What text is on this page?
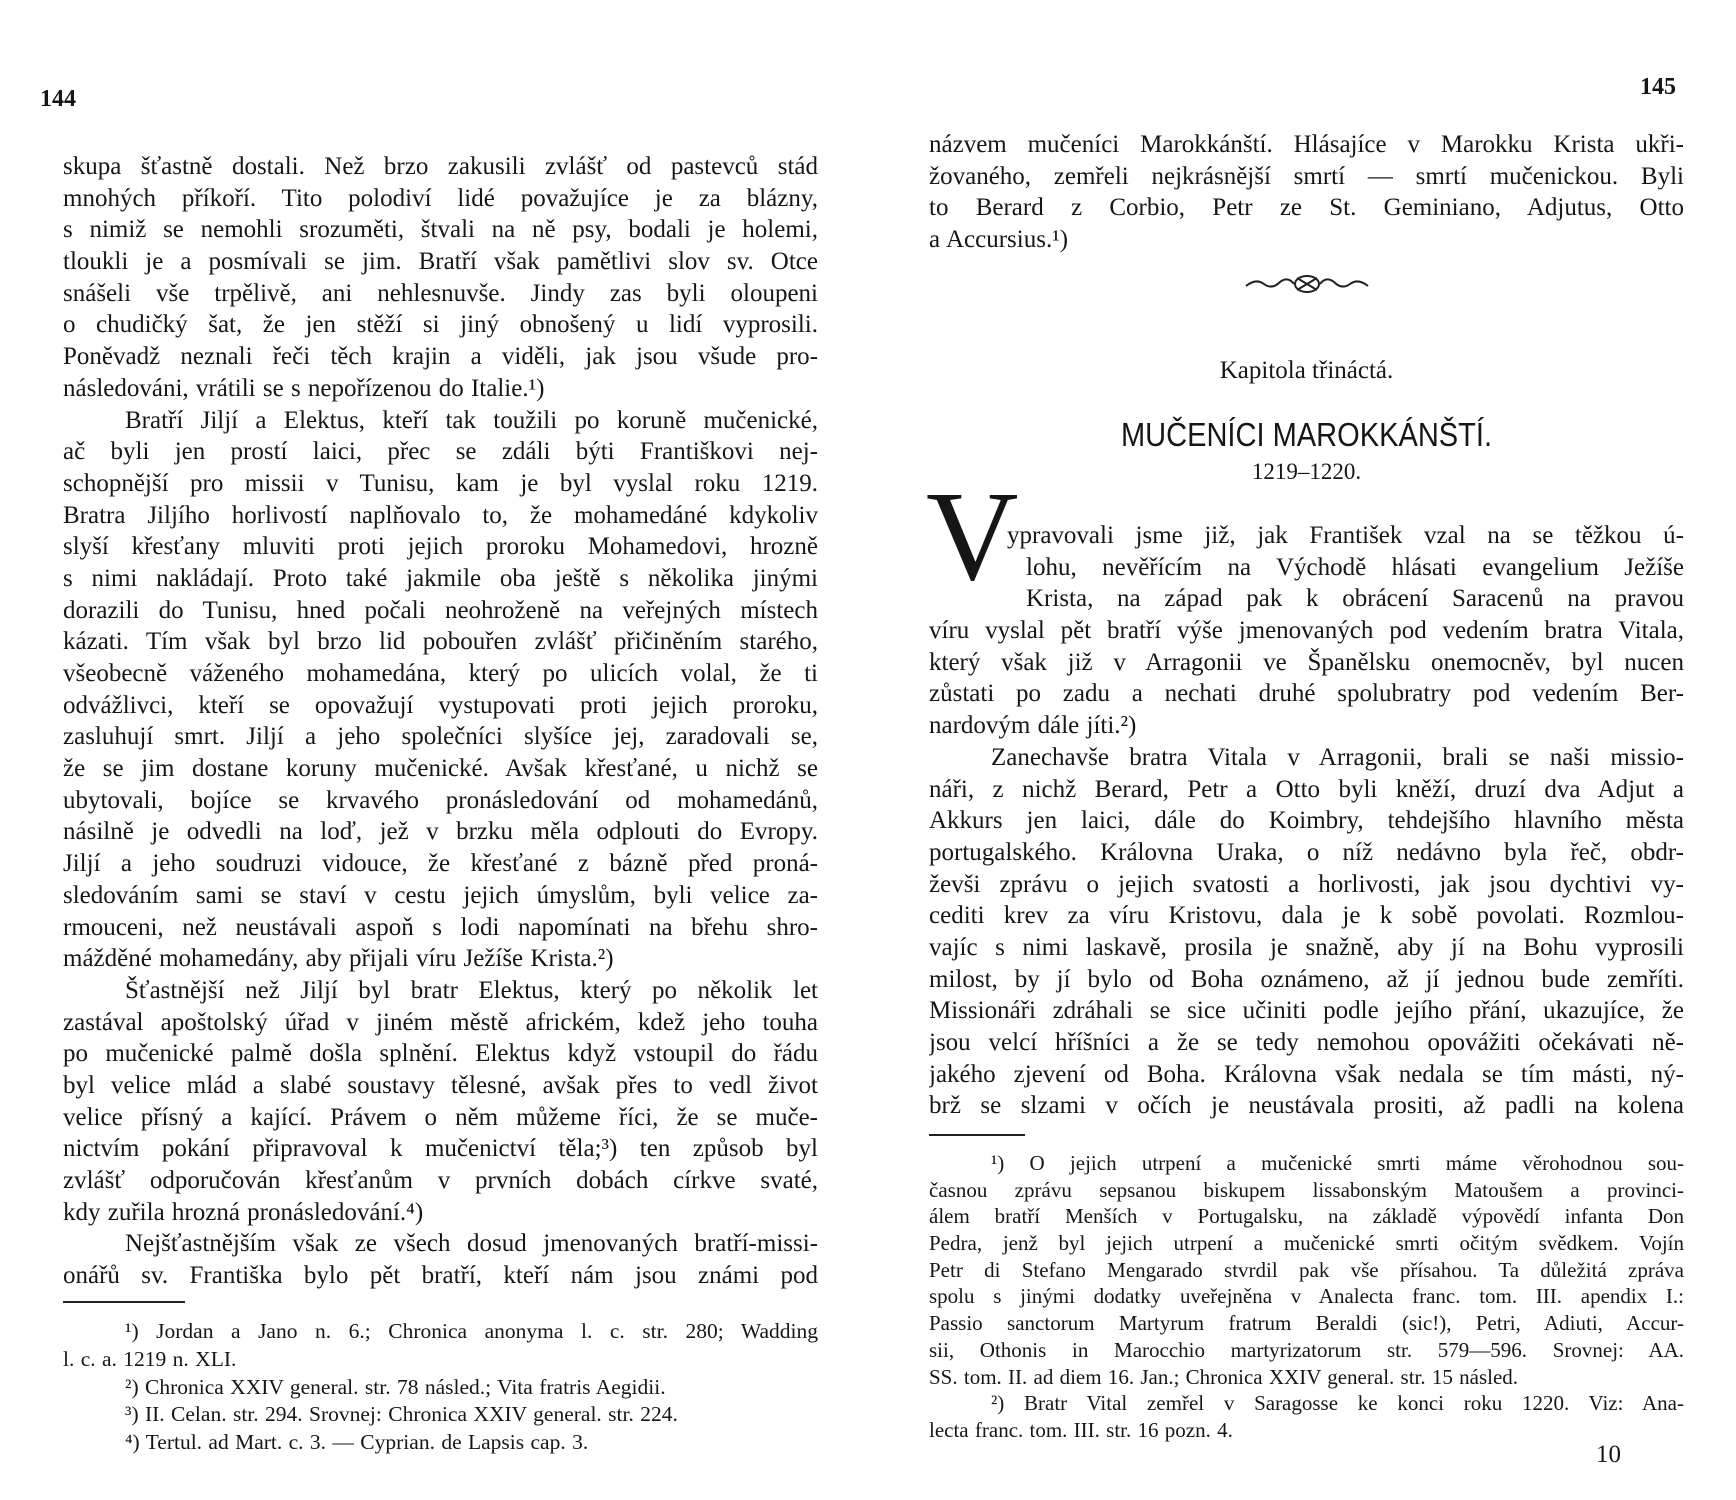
144
skupa šťastně dostali. Než brzo zakusili zvlášť od pastevců stád
mnohých příkoří. Tito polodiví lidé považujíce je za blázny,
s nimiž se nemohli srozuměti, štvali na ně psy, bodali je holemi,
tloukli je a posmívali se jim. Bratří však pamětlivi slov sv. Otce
snášeli vše trpělivě, ani nehlesnuvše. Jindy zas byli oloupeni
o chudičký šat, že jen stěží si jiný obnošený u lidí vyprosili.
Poněvadž neznali řeči těch krajin a viděli, jak jsou všude pro-
následováni, vrátili se s nepořízenou do Italie.¹)
Bratří Jiljí a Elektus, kteří tak toužili po koruně mučenické,
ač byli jen prostí laici, přec se zdáli býti Františkovi nej-
schopnější pro missii v Tunisu, kam je byl vyslal roku 1219.
Bratra Jiljího horlivostí naplňovalo to, že mohamedáné kdykoliv
slyší křesťany mluviti proti jejich proroku Mohamedovi, hrozně
s nimi nakládají. Proto také jakmile oba ještě s několika jinými
dorazili do Tunisu, hned počali neohroženě na veřejných místech
kázati. Tím však byl brzo lid pobouřen zvlášť přičiněním starého,
všeobecně váženého mohamedána, který po ulicích volal, že ti
odvážlivci, kteří se opovažují vystupovati proti jejich proroku,
zasluhují smrt. Jiljí a jeho společníci slyšíce jej, zaradovali se,
že se jim dostane koruny mučenické. Avšak křesťané, u nichž se
ubytovali, bojíce se krvavého pronásledování od mohamedánů,
násilně je odvedli na loď, jež v brzku měla odplouti do Evropy.
Jiljí a jeho soudruzi vidouce, že křesťané z bázně před proná-
sledováním sami se staví v cestu jejich úmyslům, byli velice za-
rmouceni, než neustávali aspoň s lodi napomínati na břehu shro-
mážděné mohamedány, aby přijali víru Ježíše Krista.²)
Šťastnější než Jiljí byl bratr Elektus, který po několik let
zastával apoštolský úřad v jiném městě africkém, kdež jeho touha
po mučenické palmě došla splnění. Elektus když vstoupil do řádu
byl velice mlád a slabé soustavy tělesné, avšak přes to vedl život
velice přísný a kající. Právem o něm můžeme říci, že se muče-
nictvím pokání připravoval k mučenictví těla;³) ten způsob byl
zvlášť odporučován křesťanům v prvních dobách církve svaté,
kdy zuřila hrozná pronásledování.⁴)
Nejšťastnějším však ze všech dosud jmenovaných bratří-missi-
onářů sv. Františka bylo pět bratří, kteří nám jsou známi pod
¹) Jordan a Jano n. 6.; Chronica anonyma l. c. str. 280; Wadding
l. c. a. 1219 n. XLI.
²) Chronica XXIV general. str. 78 násled.; Vita fratris Aegidii.
³) II. Celan. str. 294. Srovnej: Chronica XXIV general. str. 224.
⁴) Tertul. ad Mart. c. 3. — Cyprian. de Lapsis cap. 3.
145
názvem mučeníci Marokkánští. Hlásajíce v Marokku Krista ukři-
žovaného, zemřeli nejkrásnější smrtí — smrtí mučenickou. Byli
to Berard z Corbio, Petr ze St. Geminiano, Adjutus, Otto
a Accursius.¹)
Kapitola třináctá.
MUČENÍCI MAROKKÁNŠTÍ.
1219–1220.
V
ypravovali jsme již, jak František vzal na se těžkou ú-
lohu, nevěřícím na Východě hlásati evangelium Ježíše
Krista, na západ pak k obrácení Saracenů na pravou
víru vyslal pět bratří výše jmenovaných pod vedením bratra Vitala,
který však již v Arragonii ve Španělsku onemocněv, byl nucen
zůstati po zadu a nechati druhé spolubratry pod vedením Ber-
nardovým dále jíti.²)
Zanechavše bratra Vitala v Arragonii, brali se naši missio-
náři, z nichž Berard, Petr a Otto byli kněží, druzí dva Adjut a
Akkurs jen laici, dále do Koimbry, tehdejšího hlavního města
portugalského. Královna Uraka, o níž nedávno byla řeč, obdr-
ževši zprávu o jejich svatosti a horlivosti, jak jsou dychtivi vy-
cediti krev za víru Kristovu, dala je k sobě povolati. Rozmlou-
vajíc s nimi laskavě, prosila je snažně, aby jí na Bohu vyprosili
milost, by jí bylo od Boha oznámeno, až jí jednou bude zemříti.
Missionáři zdráhali se sice učiniti podle jejího přání, ukazujíce, že
jsou velcí hříšníci a že se tedy nemohou opovážiti očekávati ně-
jakého zjevení od Boha. Královna však nedala se tím másti, ný-
brž se slzami v očích je neustávala prositi, až padli na kolena
¹) O jejich utrpení a mučenické smrti máme věrohodnou sou-
časnou zprávu sepsanou biskupem lissabonským Matoušem a provinci-
álem bratří Menších v Portugalsku, na základě výpovědí infanta Don
Pedra, jenž byl jejich utrpení a mučenické smrti očitým svědkem. Vojín
Petr di Stefano Mengarado stvrdil pak vše přísahou. Ta důležitá zpráva
spolu s jinými dodatky uveřejněna v Analecta franc. tom. III. apendix I.:
Passio sanctorum Martyrum fratrum Beraldi (sic!), Petri, Adiuti, Accur-
sii, Othonis in Marocchio martyrizatorum str. 579—596. Srovnej: AA.
SS. tom. II. ad diem 16. Jan.; Chronica XXIV general. str. 15 násled.
²) Bratr Vital zemřel v Saragosse ke konci roku 1220. Viz: Ana-
lecta franc. tom. III. str. 16 pozn. 4.
10
